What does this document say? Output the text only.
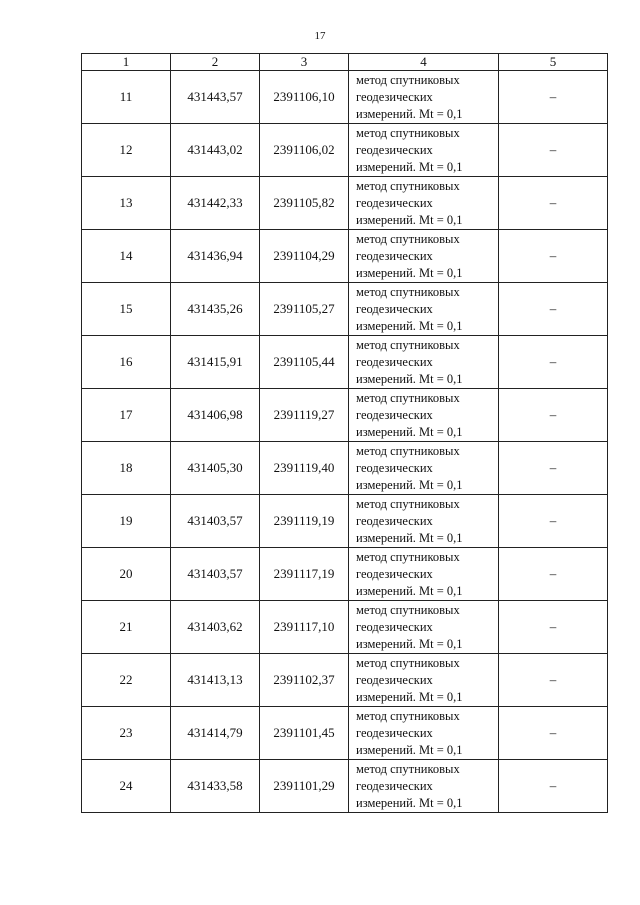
17
1	2	3	4	5
11	431443,57	2391106,10	метод спутниковых
геодезических
измерений. Mt = 0,1	–
12	431443,02	2391106,02	метод спутниковых
геодезических
измерений. Mt = 0,1	–
13	431442,33	2391105,82	метод спутниковых
геодезических
измерений. Mt = 0,1	–
14	431436,94	2391104,29	метод спутниковых
геодезических
измерений. Mt = 0,1	–
15	431435,26	2391105,27	метод спутниковых
геодезических
измерений. Mt = 0,1	–
16	431415,91	2391105,44	метод спутниковых
геодезических
измерений. Mt = 0,1	–
17	431406,98	2391119,27	метод спутниковых
геодезических
измерений. Mt = 0,1	–
18	431405,30	2391119,40	метод спутниковых
геодезических
измерений. Mt = 0,1	–
19	431403,57	2391119,19	метод спутниковых
геодезических
измерений. Mt = 0,1	–
20	431403,57	2391117,19	метод спутниковых
геодезических
измерений. Mt = 0,1	–
21	431403,62	2391117,10	метод спутниковых
геодезических
измерений. Mt = 0,1	–
22	431413,13	2391102,37	метод спутниковых
геодезических
измерений. Mt = 0,1	–
23	431414,79	2391101,45	метод спутниковых
геодезических
измерений. Mt = 0,1	–
24	431433,58	2391101,29	метод спутниковых
геодезических
измерений. Mt = 0,1	–
